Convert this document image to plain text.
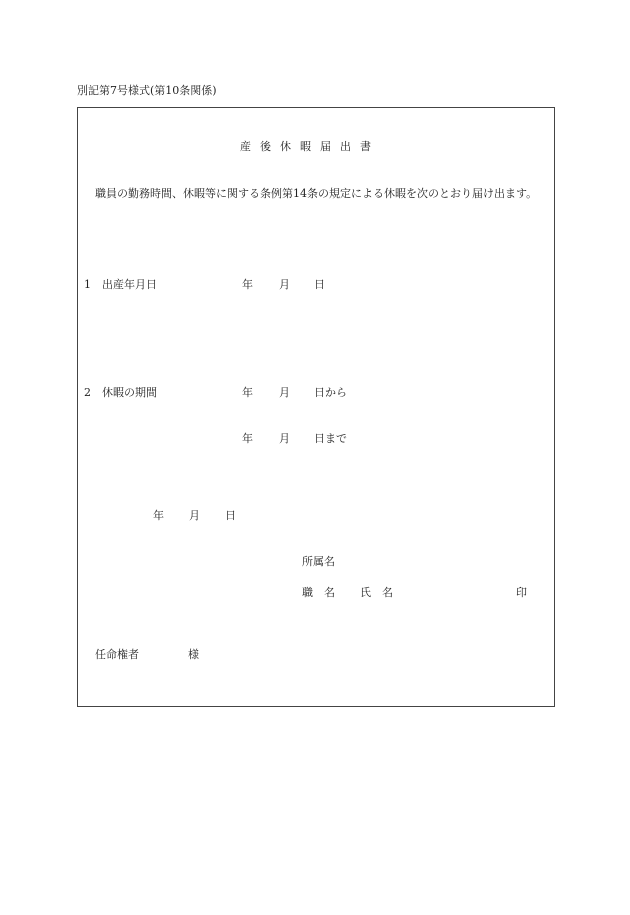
別記第7号様式(第10条関係)
産後休暇届出書
職員の勤務時間、休暇等に関する条例第14条の規定による休暇を次のとおり届け出ます。
1　出産年月日	年 月 日
2　休暇の期間	年 月 日から
年 月 日まで
年 月 日
所属名
職　名 氏　名	印
任命権者	様
